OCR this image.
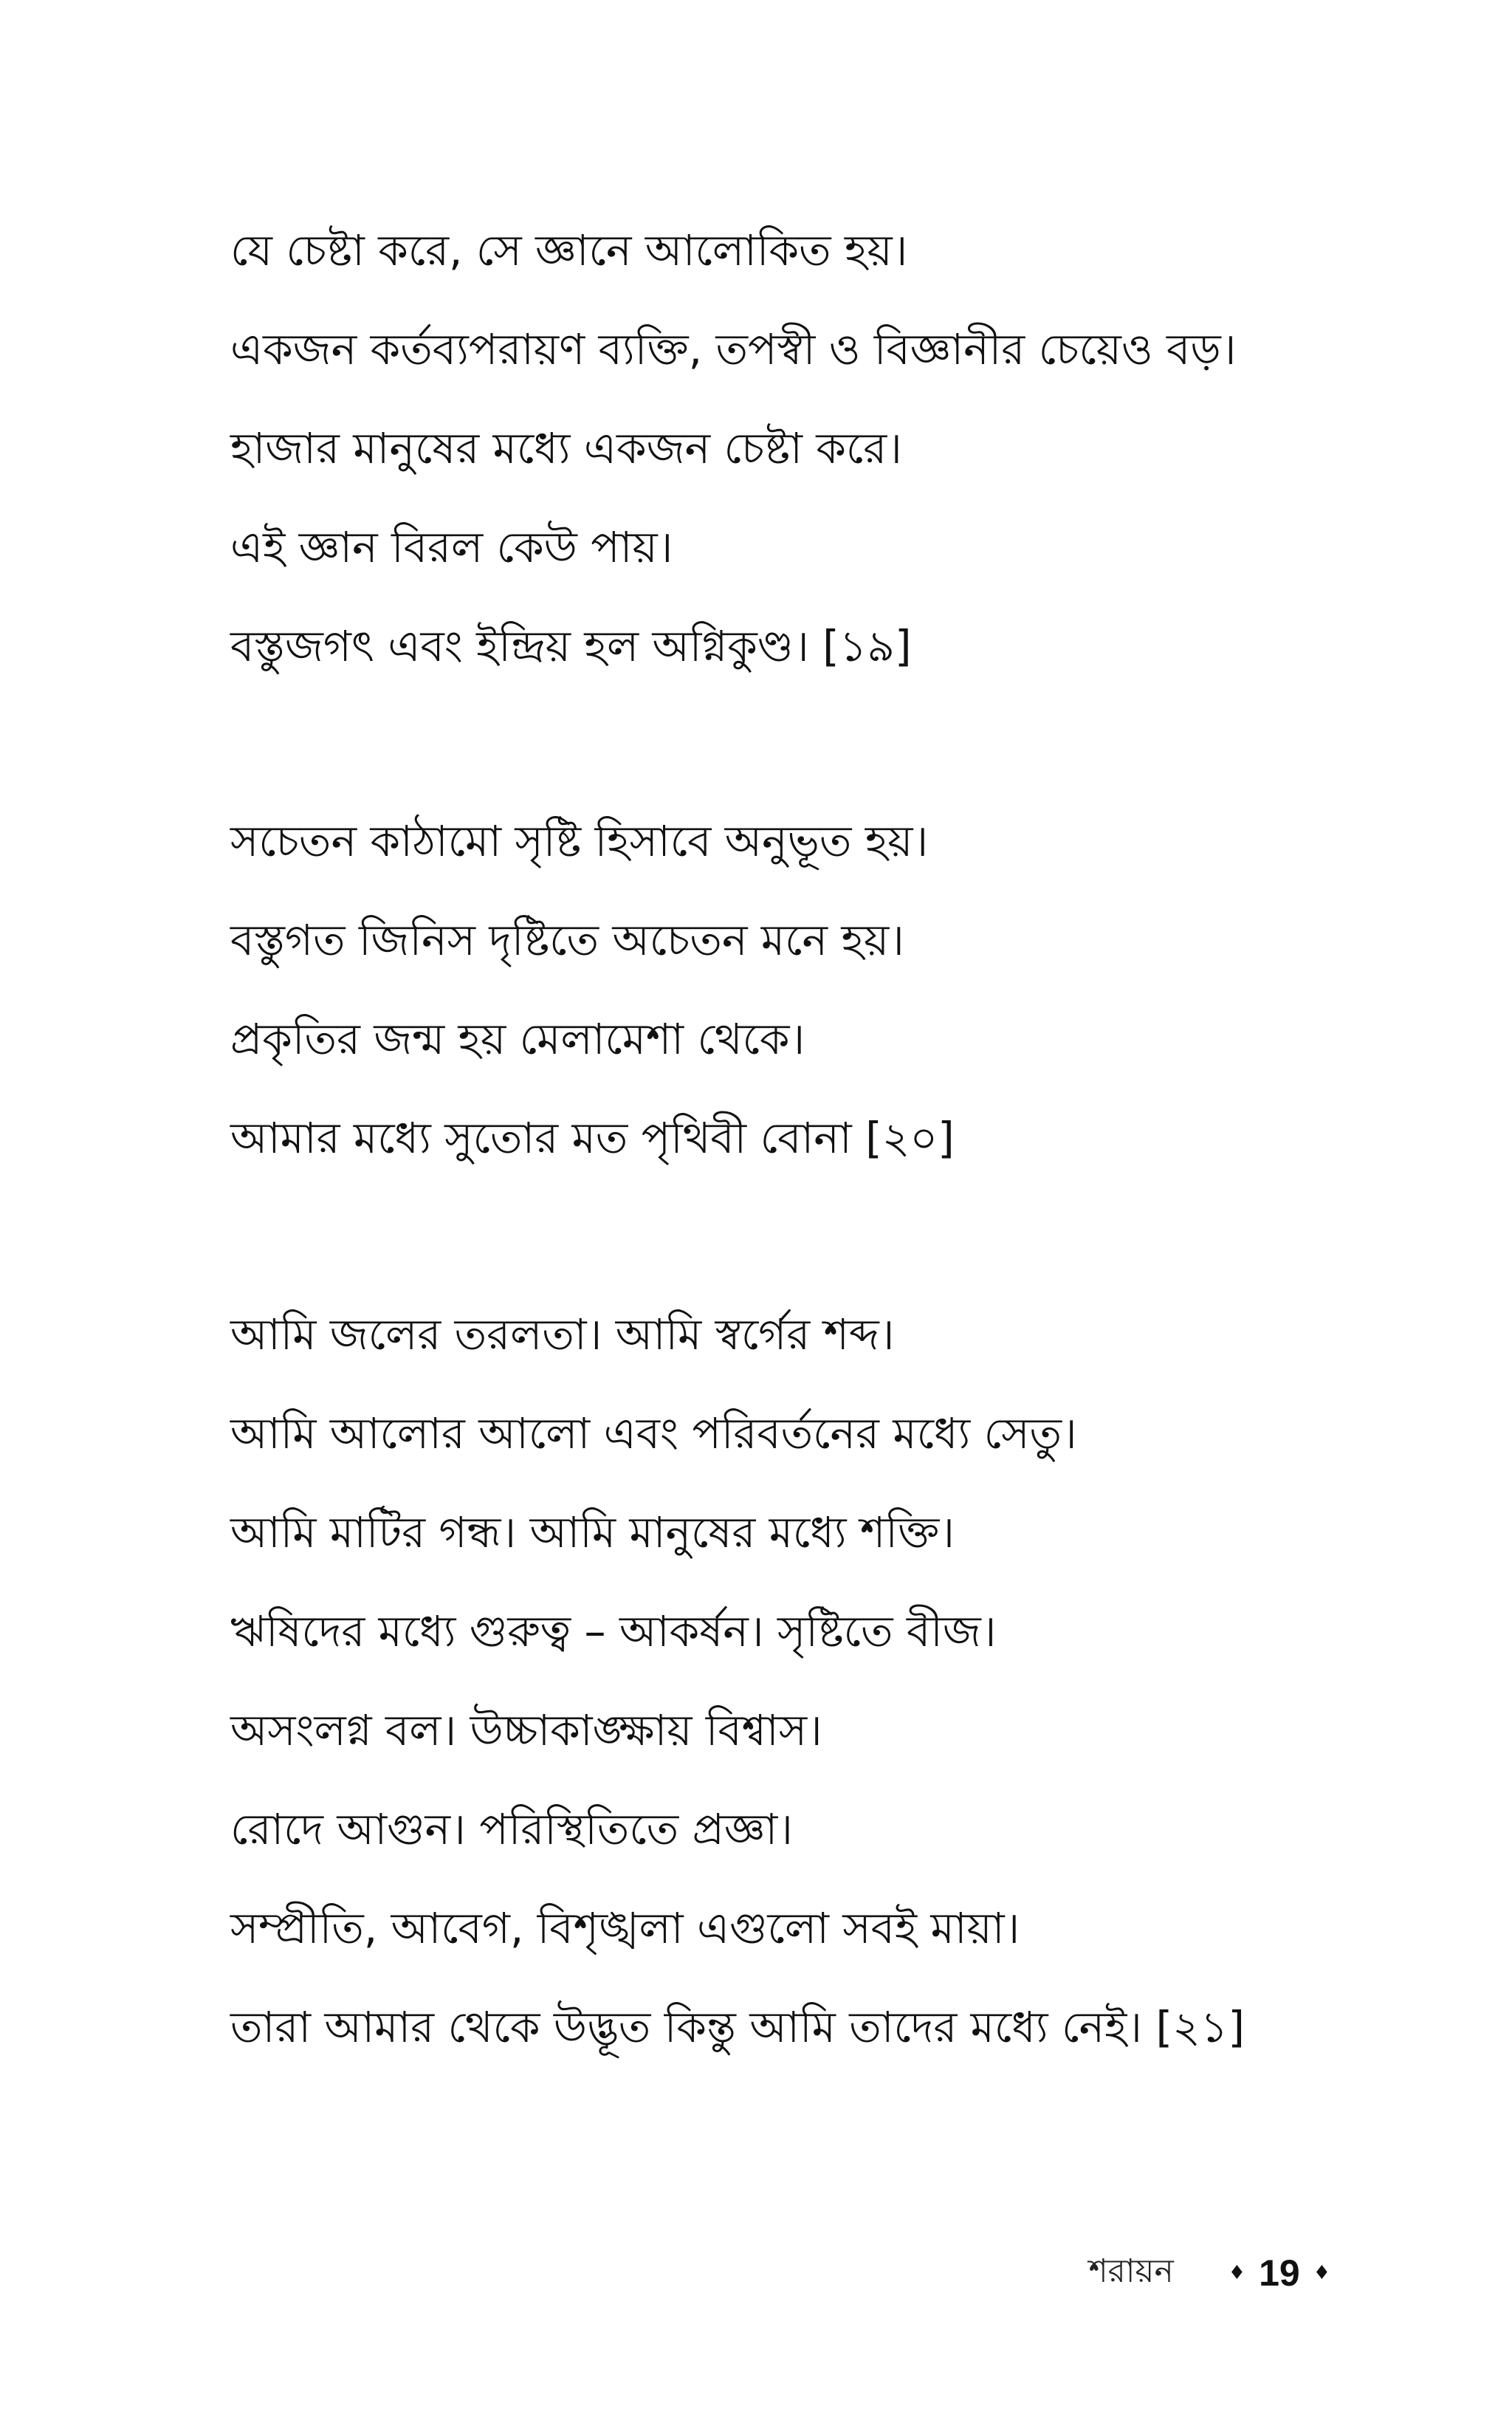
যে চেষ্টা করে, সে জ্ঞানে আলোকিত হয়।
একজন কর্তব্যপরায়ণ ব্যক্তি, তপস্বী ও বিজ্ঞানীর চেয়েও বড়।
হাজার মানুষের মধ্যে একজন চেষ্টা করে।
এই জ্ঞান বিরল কেউ পায়।
বস্তুজগৎ এবং ইন্দ্রিয় হল অগ্নিকুণ্ড। [১৯]
সচেতন কাঠামো সৃষ্টি হিসাবে অনুভূত হয়।
বস্তুগত জিনিস দৃষ্টিতে অচেতন মনে হয়।
প্রকৃতির জন্ম হয় মেলামেশা থেকে।
আমার মধ্যে সুতোর মত পৃথিবী বোনা [২০]
আমি জলের তরলতা। আমি স্বর্গের শব্দ।
আমি আলোর আলো এবং পরিবর্তনের মধ্যে সেতু।
আমি মাটির গন্ধ। আমি মানুষের মধ্যে শক্তি।
ঋষিদের মধ্যে গুরুত্ব – আকর্ষন। সৃষ্টিতে বীজ।
অসংলগ্ন বল। উচ্চাকাঙ্ক্ষায় বিশ্বাস।
রোদে আগুন। পরিস্থিতিতে প্রজ্ঞা।
সম্প্রীতি, আবেগ, বিশৃঙ্খলা এগুলো সবই মায়া।
তারা আমার থেকে উদ্ভূত কিন্তু আমি তাদের মধ্যে নেই। [২১]
শরায়ন	♦ 19 ♦
